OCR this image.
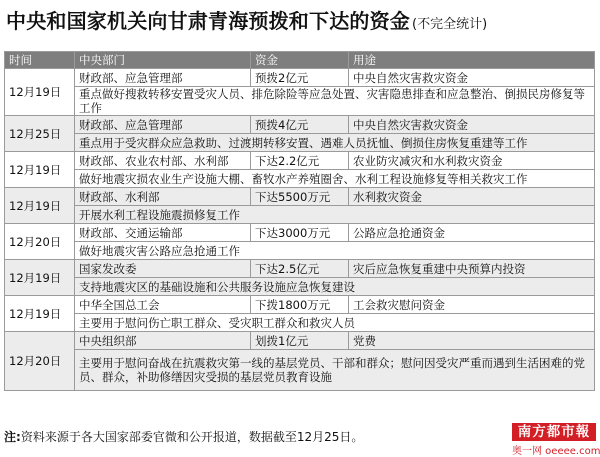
中央和国家机关向甘肃青海预拨和下达的资金 (不完全统计)
时间	中央部门	资金	用途
12月19日	财政部、应急管理部	预拨2亿元	中央自然灾害救灾资金
	重点做好搜救转移安置受灾人员、排危除险等应急处置、灾害隐患排查和应急整治、倒损民房修复等工作		
12月25日	财政部、应急管理部	预拨4亿元	中央自然灾害救灾资金
	重点用于受灾群众应急救助、过渡期转移安置、遇难人员抚恤、倒损住房恢复重建等工作		
12月19日	财政部、农业农村部、水利部	下达2.2亿元	农业防灾减灾和水利救灾资金
	做好地震灾损农业生产设施大棚、畜牧水产养殖圈舍、水利工程设施修复等相关救灾工作		
12月19日	财政部、水利部	下达5500万元	水利救灾资金
	开展水利工程设施震损修复工作		
12月20日	财政部、交通运输部	下达3000万元	公路应急抢通资金
	做好地震灾害公路应急抢通工作		
12月19日	国家发改委	下达2.5亿元	灾后应急恢复重建中央预算内投资
	支持地震灾区的基础设施和公共服务设施应急恢复建设		
12月19日	中华全国总工会	下拨1800万元	工会救灾慰问资金
	主要用于慰问伤亡职工群众、受灾职工群众和救灾人员		
12月20日	中央组织部	划拨1亿元	党费
	主要用于慰问奋战在抗震救灾第一线的基层党员、干部和群众；慰问因受灾严重而遇到生活困难的党员、群众，补助修缮因灾受损的基层党员教育设施		
注:资料来源于各大国家部委官微和公开报道，数据截至12月25日。	南方都市報
奥一网 oeeee.com
